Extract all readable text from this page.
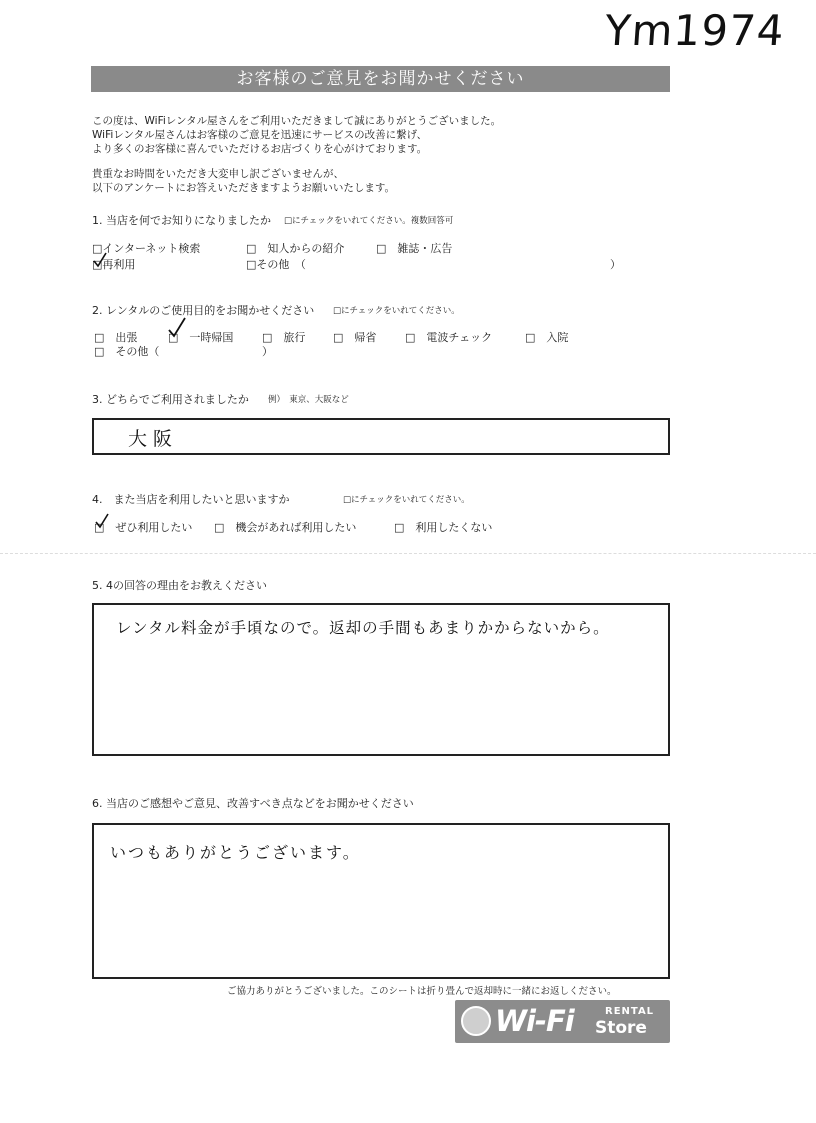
Ym1974
お客様のご意見をお聞かせください
この度は、WiFiレンタル屋さんをご利用いただきまして誠にありがとうございました。
WiFiレンタル屋さんはお客様のご意見を迅速にサービスの改善に繋げ、
より多くのお客様に喜んでいただけるお店づくりを心がけております。
貴重なお時間をいただき大変申し訳ございませんが、
以下のアンケートにお答えいただきますようお願いいたします。
1. 当店を何でお知りになりましたか □にチェックをいれてください。複数回答可
□インターネット検索	□　知人からの紹介	□　雑誌・広告
□再利用	□その他　（	）
2. レンタルのご使用目的をお聞かせください □にチェックをいれてください。
□　出張	□　一時帰国	□　旅行	□　帰省	□　電波チェック	□　入院
□　その他（	）
3. どちらでご利用されましたか 例）　東京、大阪など
大 阪
4.　また当店を利用したいと思いますか	□にチェックをいれてください。
□　ぜひ利用したい □　機会があれば利用したい	□　利用したくない
5. 4の回答の理由をお教えください
レンタル料金が手頃なので。返却の手間もあまりかからないから。
6. 当店のご感想やご意見、改善すべき点などをお聞かせください
いつもありがとうございます。
ご協力ありがとうございました。このシートは折り畳んで返却時に一緒にお返しください。
Wi-Fi	RENTAL
Store
